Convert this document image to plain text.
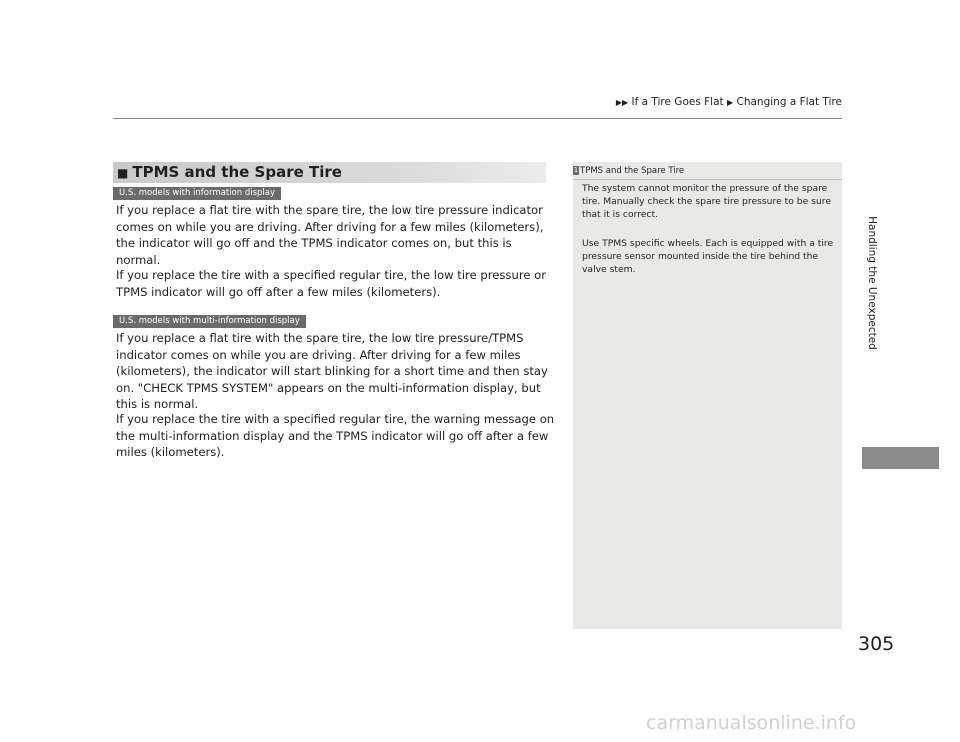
▶▶ If a Tire Goes Flat ▶ Changing a Flat Tire
■ TPMS and the Spare Tire
U.S. models with information display

If you replace a flat tire with the spare tire, the low tire pressure indicator comes on while you are driving. After driving for a few miles (kilometers), the indicator will go off and the TPMS indicator comes on, but this is normal.

If you replace the tire with a specified regular tire, the low tire pressure or TPMS indicator will go off after a few miles (kilometers).

U.S. models with multi-information display

If you replace a flat tire with the spare tire, the low tire pressure/TPMS indicator comes on while you are driving. After driving for a few miles (kilometers), the indicator will start blinking for a short time and then stay on. "CHECK TPMS SYSTEM" appears on the multi-information display, but this is normal.

If you replace the tire with a specified regular tire, the warning message on the multi-information display and the TPMS indicator will go off after a few miles (kilometers).

1 TPMS and the Spare Tire

The system cannot monitor the pressure of the spare tire. Manually check the spare tire pressure to be sure that it is correct.

Use TPMS specific wheels. Each is equipped with a tire pressure sensor mounted inside the tire behind the valve stem.	Handling the Unexpected
305
carmanualsonline.info
